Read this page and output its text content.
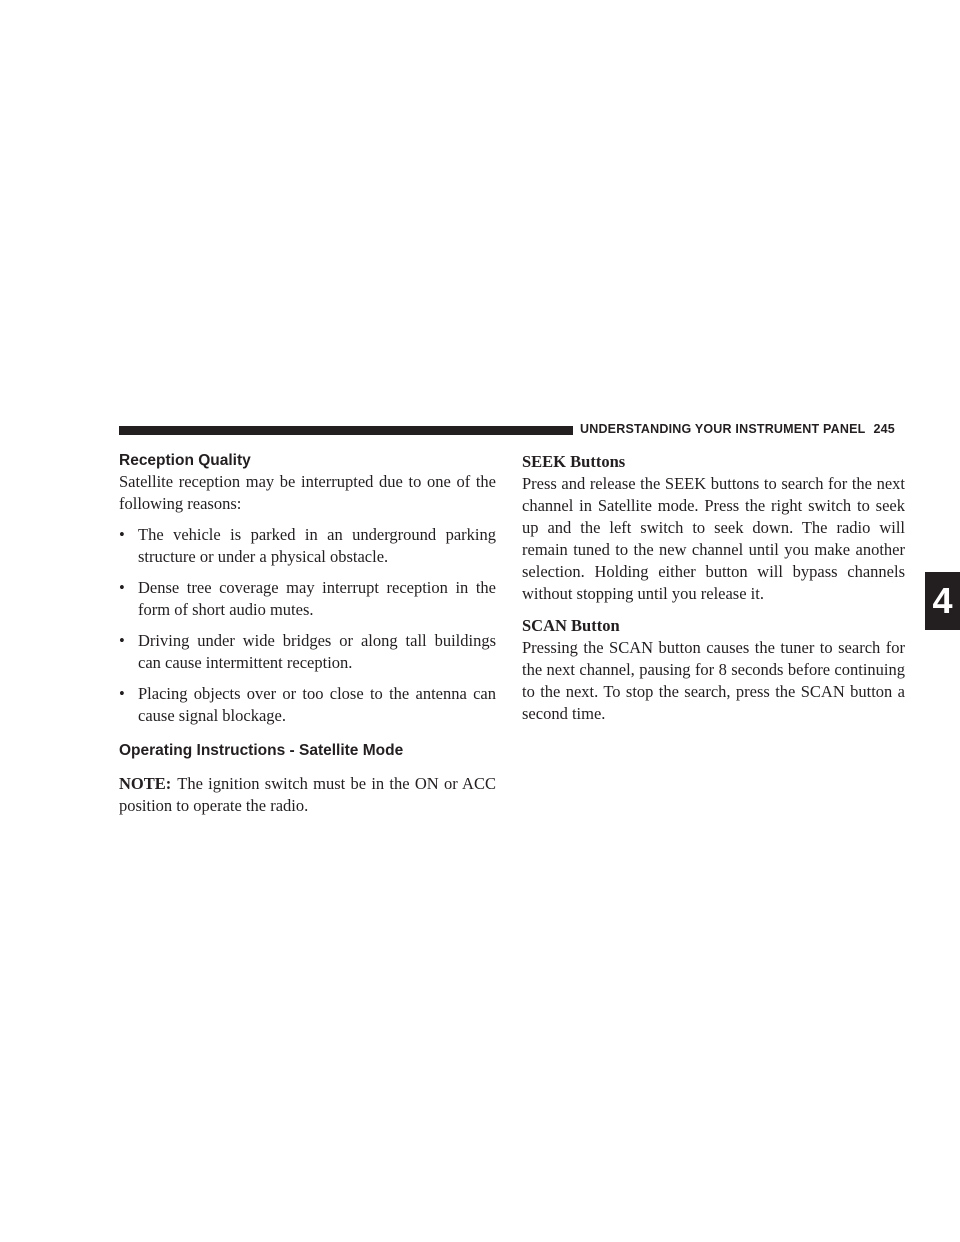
UNDERSTANDING YOUR INSTRUMENT PANEL 245
4
Reception Quality

Satellite reception may be interrupted due to one of the following reasons:

• The vehicle is parked in an underground parking structure or under a physical obstacle.
• Dense tree coverage may interrupt reception in the form of short audio mutes.
• Driving under wide bridges or along tall buildings can cause intermittent reception.
• Placing objects over or too close to the antenna can cause signal blockage.
Operating Instructions - Satellite Mode

NOTE: The ignition switch must be in the ON or ACC position to operate the radio.

SEEK Buttons

Press and release the SEEK buttons to search for the next channel in Satellite mode. Press the right switch to seek up and the left switch to seek down. The radio will remain tuned to the new channel until you make another selection. Holding either button will bypass channels without stopping until you release it.

SCAN Button

Pressing the SCAN button causes the tuner to search for the next channel, pausing for 8 seconds before continuing to the next. To stop the search, press the SCAN button a second time.
